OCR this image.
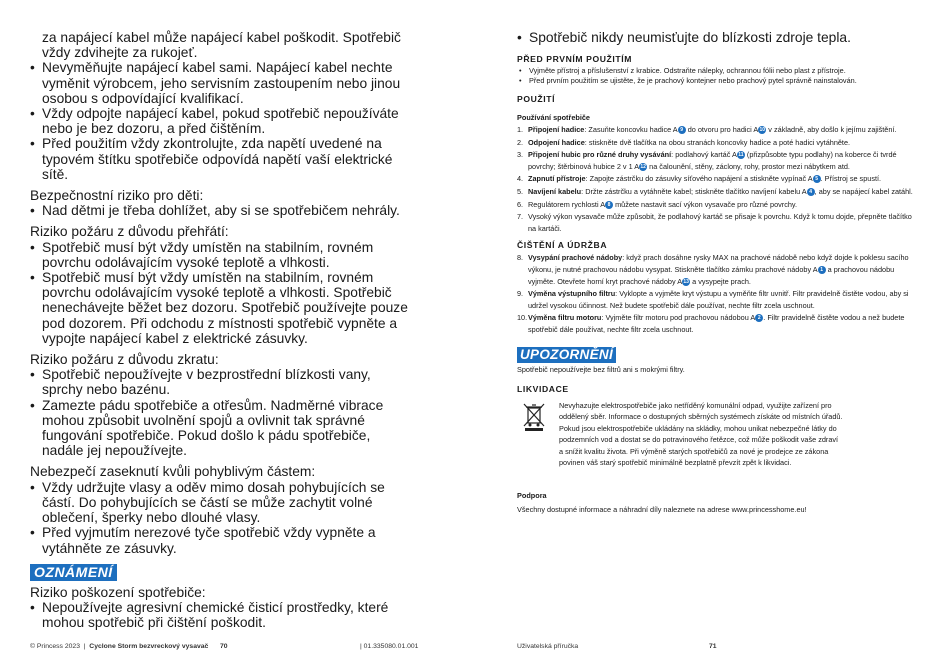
za napájecí kabel může napájecí kabel poškodit. Spotřebič vždy zdvihejte za rukojeť.
• Nevyměňujte napájecí kabel sami. Napájecí kabel nechte vyměnit výrobcem, jeho servisním zastoupením nebo jinou osobou s odpovídající kvalifikací.
• Vždy odpojte napájecí kabel, pokud spotřebič nepoužíváte nebo je bez dozoru, a před čištěním.
• Před použitím vždy zkontrolujte, zda napětí uvedené na typovém štítku spotřebiče odpovídá napětí vaší elektrické sítě.
Bezpečnostní riziko pro děti:
• Nad dětmi je třeba dohlížet, aby si se spotřebičem nehrály.
Riziko požáru z důvodu přehřátí:
• Spotřebič musí být vždy umístěn na stabilním, rovném povrchu odolávajícím vysoké teplotě a vlhkosti.
• Spotřebič musí být vždy umístěn na stabilním, rovném povrchu odolávajícím vysoké teplotě a vlhkosti. Spotřebič nenechávejte běžet bez dozoru. Spotřebič používejte pouze pod dozorem. Při odchodu z místnosti spotřebič vypněte a vypojte napájecí kabel z elektrické zásuvky.
Riziko požáru z důvodu zkratu:
• Spotřebič nepoužívejte v bezprostřední blízkosti vany, sprchy nebo bazénu.
• Zamezte pádu spotřebiče a otřesům. Nadměrné vibrace mohou způsobit uvolnění spojů a ovlivnit tak správné fungování spotřebiče. Pokud došlo k pádu spotřebiče, nadále jej nepoužívejte.
Nebezpečí zaseknutí kvůli pohyblivým částem:
• Vždy udržujte vlasy a oděv mimo dosah pohybujících se částí. Do pohybujících se částí se může zachytit volné oblečení, šperky nebo dlouhé vlasy.
• Před vyjmutím nerezové tyče spotřebič vždy vypněte a vytáhněte ze zásuvky.
OZNÁMENÍ
Riziko poškození spotřebiče:
• Nepoužívejte agresivní chemické čisticí prostředky, které mohou spotřebič při čištění poškodit.
• Spotřebič nikdy neumisťujte do blízkosti zdroje tepla.
PŘED PRVNÍM POUŽITÍM
• Vyjměte přístroj a příslušenství z krabice. Odstraňte nálepky, ochrannou fólii nebo plast z přístroje.
• Před prvním použitím se ujistěte, že je prachový kontejner nebo prachový pytel správně nainstalován.
POUŽITÍ
Používání spotřebiče
1. Připojení hadice: Zasuňte koncovku hadice A 9 do otvoru pro hadici A10 v základně, aby došlo k jejímu zajištění.
2. Odpojení hadice: stiskněte dvě tlačítka na obou stranách koncovky hadice a poté hadici vytáhněte.
3. Připojení hubic pro různé druhy vysávání: podlahový kartáč A11 (přizpůsobte typu podlahy) na koberce či tvrdé povrchy; štěrbinová hubice 2 v 1 A12 na čalounění, stěny, záclony, rohy, prostor mezi nábytkem atd.
4. Zapnutí přístroje: Zapojte zástrčku do zásuvky síťového napájení a stiskněte vypínač A 5 . Přístroj se spustí.
5. Navíjení kabelu: Držte zástrčku a vytáhněte kabel; stiskněte tlačítko navíjení kabelu A 4 , aby se napájecí kabel zatáhl.
6. Regulátorem rychlosti A 8 můžete nastavit sací výkon vysavače pro různé povrchy.
7. Vysoký výkon vysavače může způsobit, že podlahový kartáč se přisaje k povrchu. Když k tomu dojde, přepněte tlačítko na kartáči.
ČIŠTĚNÍ A ÚDRŽBA
8. Vysypání prachové nádoby: když prach dosáhne rysky MAX na prachové nádobě nebo když dojde k poklesu sacího výkonu, je nutné prachovou nádobu vysypat. Stiskněte tlačítko zámku prachové nádoby A 1 a prachovou nádobu vyjměte. Otevřete horní kryt prachové nádoby A13 a vysypejte prach.
9. Výměna výstupního filtru: Vyklopte a vyjměte kryt výstupu a vyměňte filtr uvnitř. Filtr pravidelně čistěte vodou, aby si udržel vysokou účinnost. Než budete spotřebič dále používat, nechte filtr zcela uschnout.
10. Výměna filtru motoru: Vyjměte filtr motoru pod prachovou nádobou A 2 . Filtr pravidelně čistěte vodou a než budete spotřebič dále používat, nechte filtr zcela uschnout.
UPOZORNĚNÍ
Spotřebič nepoužívejte bez filtrů ani s mokrými filtry.
LIKVIDACE
Nevyhazujte elektrospotřebiče jako netříděný komunální odpad, využijte zařízení pro oddělený sběr. Informace o dostupných sběrných systémech získáte od místních úřadů. Pokud jsou elektrospotřebiče ukládány na skládky, mohou unikat nebezpečné látky do podzemních vod a dostat se do potravinového řetězce, což může poškodit vaše zdraví a snížit kvalitu života. Při výměně starých spotřebičů za nové je prodejce ze zákona povinen váš starý spotřebič minimálně bezplatně převzít zpět k likvidaci.
Podpora
Všechny dostupné informace a náhradní díly naleznete na adrese www.princesshome.eu!
© Princess 2023 | Cyclone Storm bezvreckový vysavač 70	| 01.335080.01.001	Uživatelská příručka	71
